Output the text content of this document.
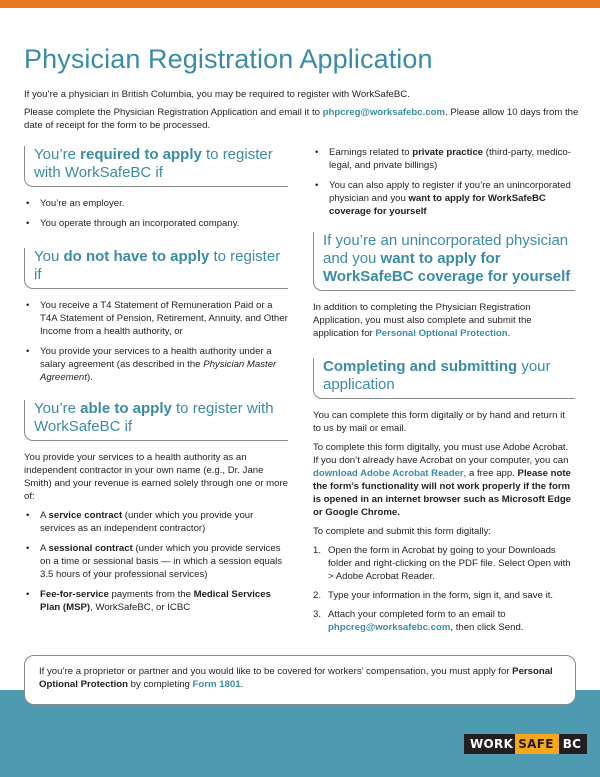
Physician Registration Application

If you’re a physician in British Columbia, you may be required to register with WorkSafeBC.

Please complete the Physician Registration Application and email it to phpcreg@worksafebc.com. Please allow 10 days from the date of receipt for the form to be processed.

You’re required to apply to register with WorkSafeBC if
• You’re an employer.
• You operate through an incorporated company.
You do not have to apply to register if
• You receive a T4 Statement of Remuneration Paid or a T4A Statement of Pension, Retirement, Annuity, and Other Income from a health authority, or
• You provide your services to a health authority under a salary agreement (as described in the Physician Master Agreement).
You’re able to apply to register with WorkSafeBC if

You provide your services to a health authority as an independent contractor in your own name (e.g., Dr. Jane Smith) and your revenue is earned solely through one or more of:

• A service contract (under which you provide your services as an independent contractor)
• A sessional contract (under which you provide services on a time or sessional basis — in which a session equals 3.5 hours of your professional services)
• Fee-for-service payments from the Medical Services Plan (MSP), WorkSafeBC, or ICBC
• Earnings related to private practice (third-party, medico-legal, and private billings)
• You can also apply to register if you’re an unincorporated physician and you want to apply for WorkSafeBC coverage for yourself
If you’re an unincorporated physician and you want to apply for WorkSafeBC coverage for yourself

In addition to completing the Physician Registration Application, you must also complete and submit the application for Personal Optional Protection.

Completing and submitting your application

You can complete this form digitally or by hand and return it to us by mail or email.

To complete this form digitally, you must use Adobe Acrobat. If you don’t already have Acrobat on your computer, you can download Adobe Acrobat Reader, a free app. Please note the form’s functionality will not work properly if the form is opened in an internet browser such as Microsoft Edge or Google Chrome.

To complete and submit this form digitally:

1. Open the form in Acrobat by going to your Downloads folder and right-clicking on the PDF file. Select Open with > Adobe Acrobat Reader.
2. Type your information in the form, sign it, and save it.
3. Attach your completed form to an email to phpcreg@worksafebc.com, then click Send.
If you’re a proprietor or partner and you would like to be covered for workers’ compensation, you must apply for Personal Optional Protection by completing Form 1801.
WORK SAFE BC
